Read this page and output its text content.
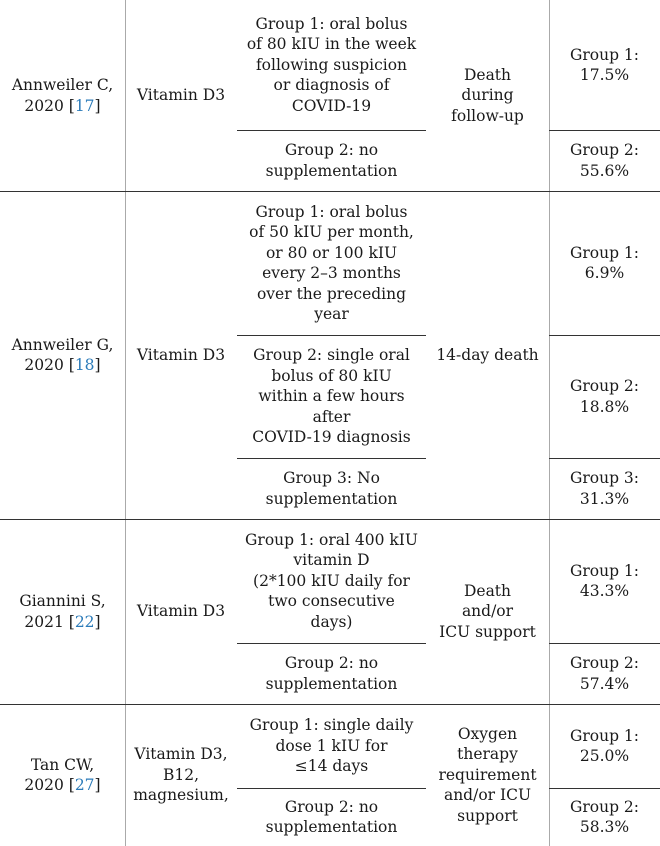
Annweiler C,
2020 [17]
Vitamin D3
Death
during
follow-up
Group 1: oral bolus
of 80 kIU in the week
following suspicion
or diagnosis of
COVID-19
Group 1:
17.5%
Group 2: no
supplementation
Group 2:
55.6%
Annweiler G,
2020 [18]
Vitamin D3	14-day death
Group 1: oral bolus
of 50 kIU per month,
or 80 or 100 kIU
every 2–3 months
over the preceding
year
Group 1:
6.9%
Group 2: single oral
bolus of 80 kIU
within a few hours
after
COVID-19 diagnosis
Group 2:
18.8%
Group 3: No
supplementation
Group 3:
31.3%
Giannini S,
2021 [22]
Vitamin D3
Death
and/or
ICU support
Group 1: oral 400 kIU
vitamin D
(2*100 kIU daily for
two consecutive
days)
Group 1:
43.3%
Group 2: no
supplementation
Group 2:
57.4%
Tan CW,
2020 [27]
Vitamin D3,
B12,
magnesium,
Oxygen
therapy
requirement
and/or ICU
support
Group 1: single daily
dose 1 kIU for
≤14 days
Group 1:
25.0%
Group 2: no
supplementation
Group 2:
58.3%
